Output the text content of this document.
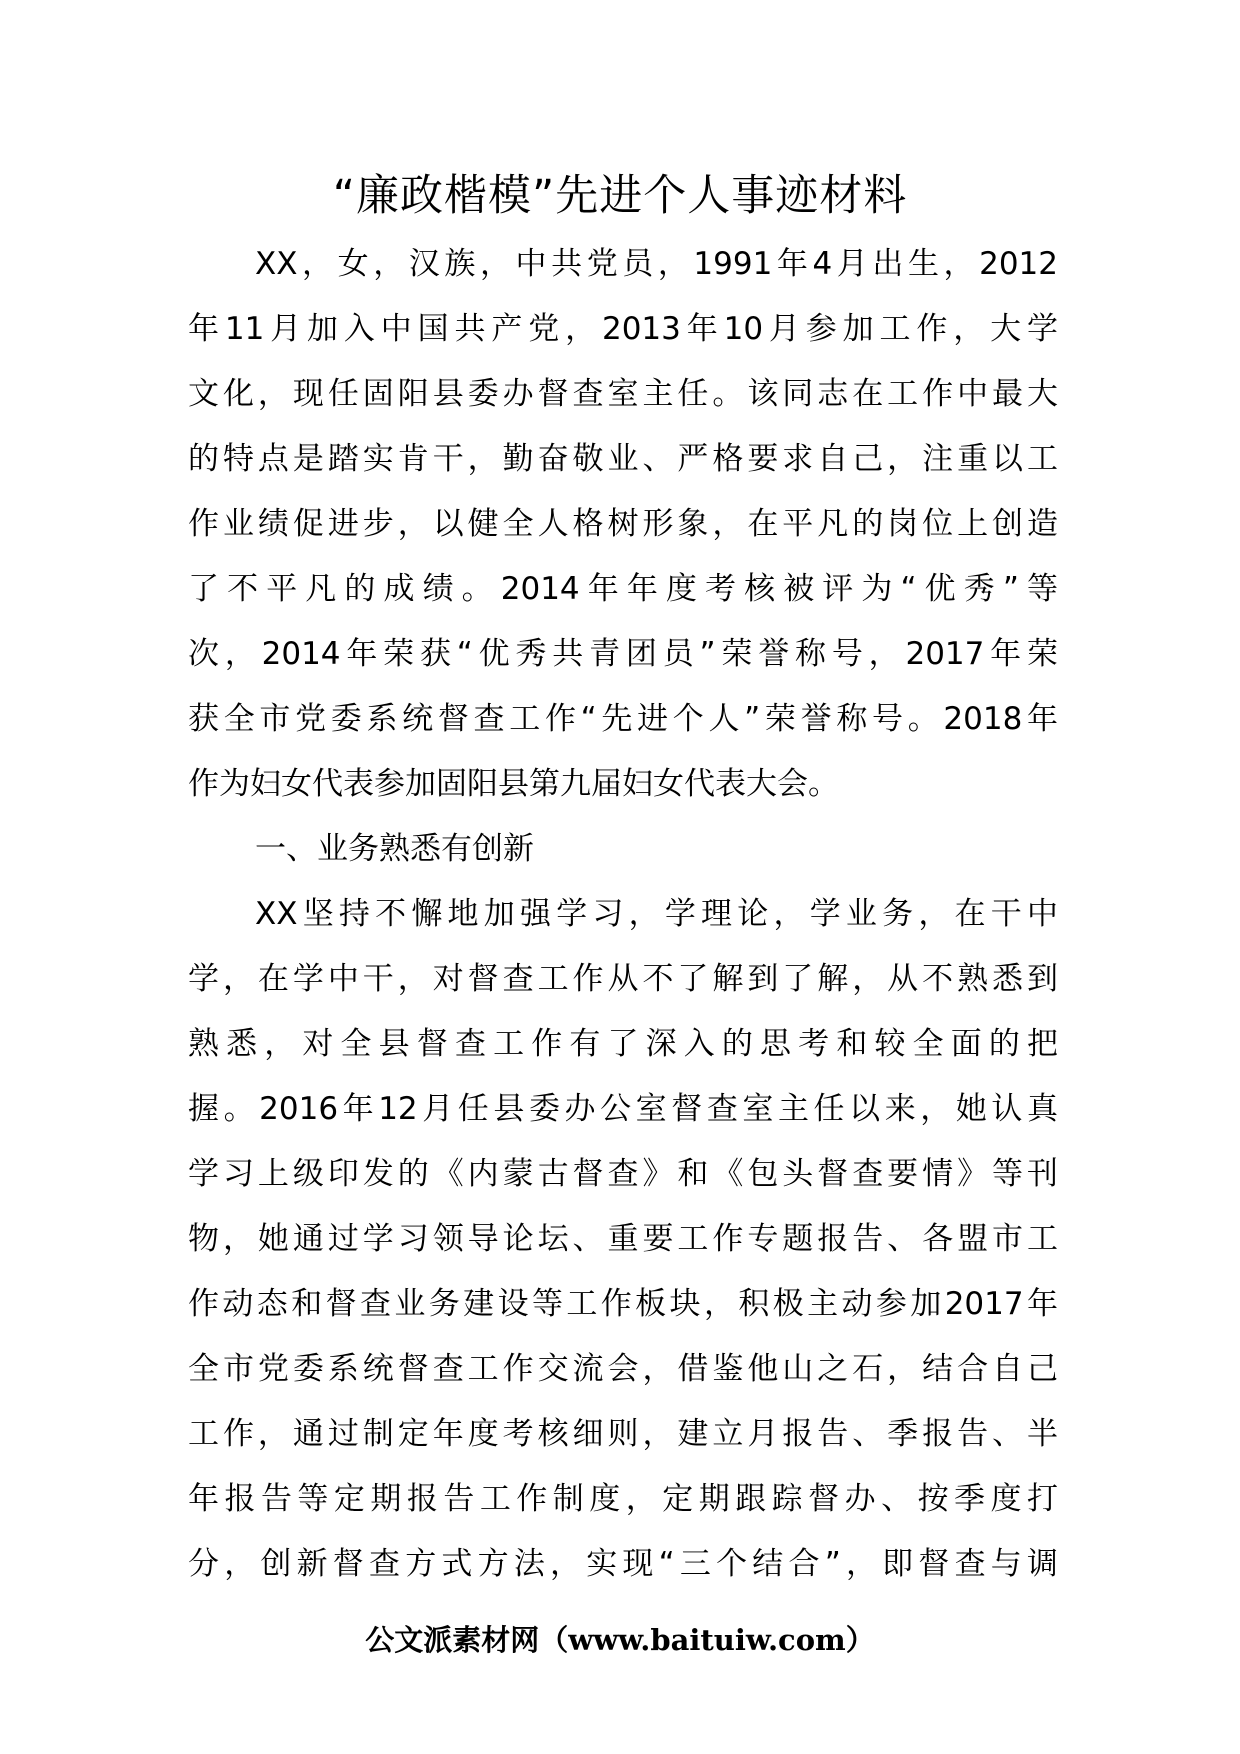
“廉政楷模”先进个人事迹材料
XX，女，汉族，中共党员，1991年4月出生，2012
年11月加入中国共产党，2013年10月参加工作，大学
文化，现任固阳县委办督查室主任。该同志在工作中最大
的特点是踏实肯干，勤奋敬业、严格要求自己，注重以工
作业绩促进步，以健全人格树形象，在平凡的岗位上创造
了不平凡的成绩。2014年年度考核被评为“优秀”等
次，2014年荣获“优秀共青团员”荣誉称号，2017年荣
获全市党委系统督查工作“先进个人”荣誉称号。2018年
作为妇女代表参加固阳县第九届妇女代表大会。
一、业务熟悉有创新
XX坚持不懈地加强学习，学理论，学业务，在干中
学，在学中干，对督查工作从不了解到了解，从不熟悉到
熟悉，对全县督查工作有了深入的思考和较全面的把
握。2016年12月任县委办公室督查室主任以来，她认真
学习上级印发的《内蒙古督查》和《包头督查要情》等刊
物，她通过学习领导论坛、重要工作专题报告、各盟市工
作动态和督查业务建设等工作板块，积极主动参加2017年
全市党委系统督查工作交流会，借鉴他山之石，结合自己
工作，通过制定年度考核细则，建立月报告、季报告、半
年报告等定期报告工作制度，定期跟踪督办、按季度打
分，创新督查方式方法，实现“三个结合”，即督查与调
公文派素材网（www.baituiw.com）
